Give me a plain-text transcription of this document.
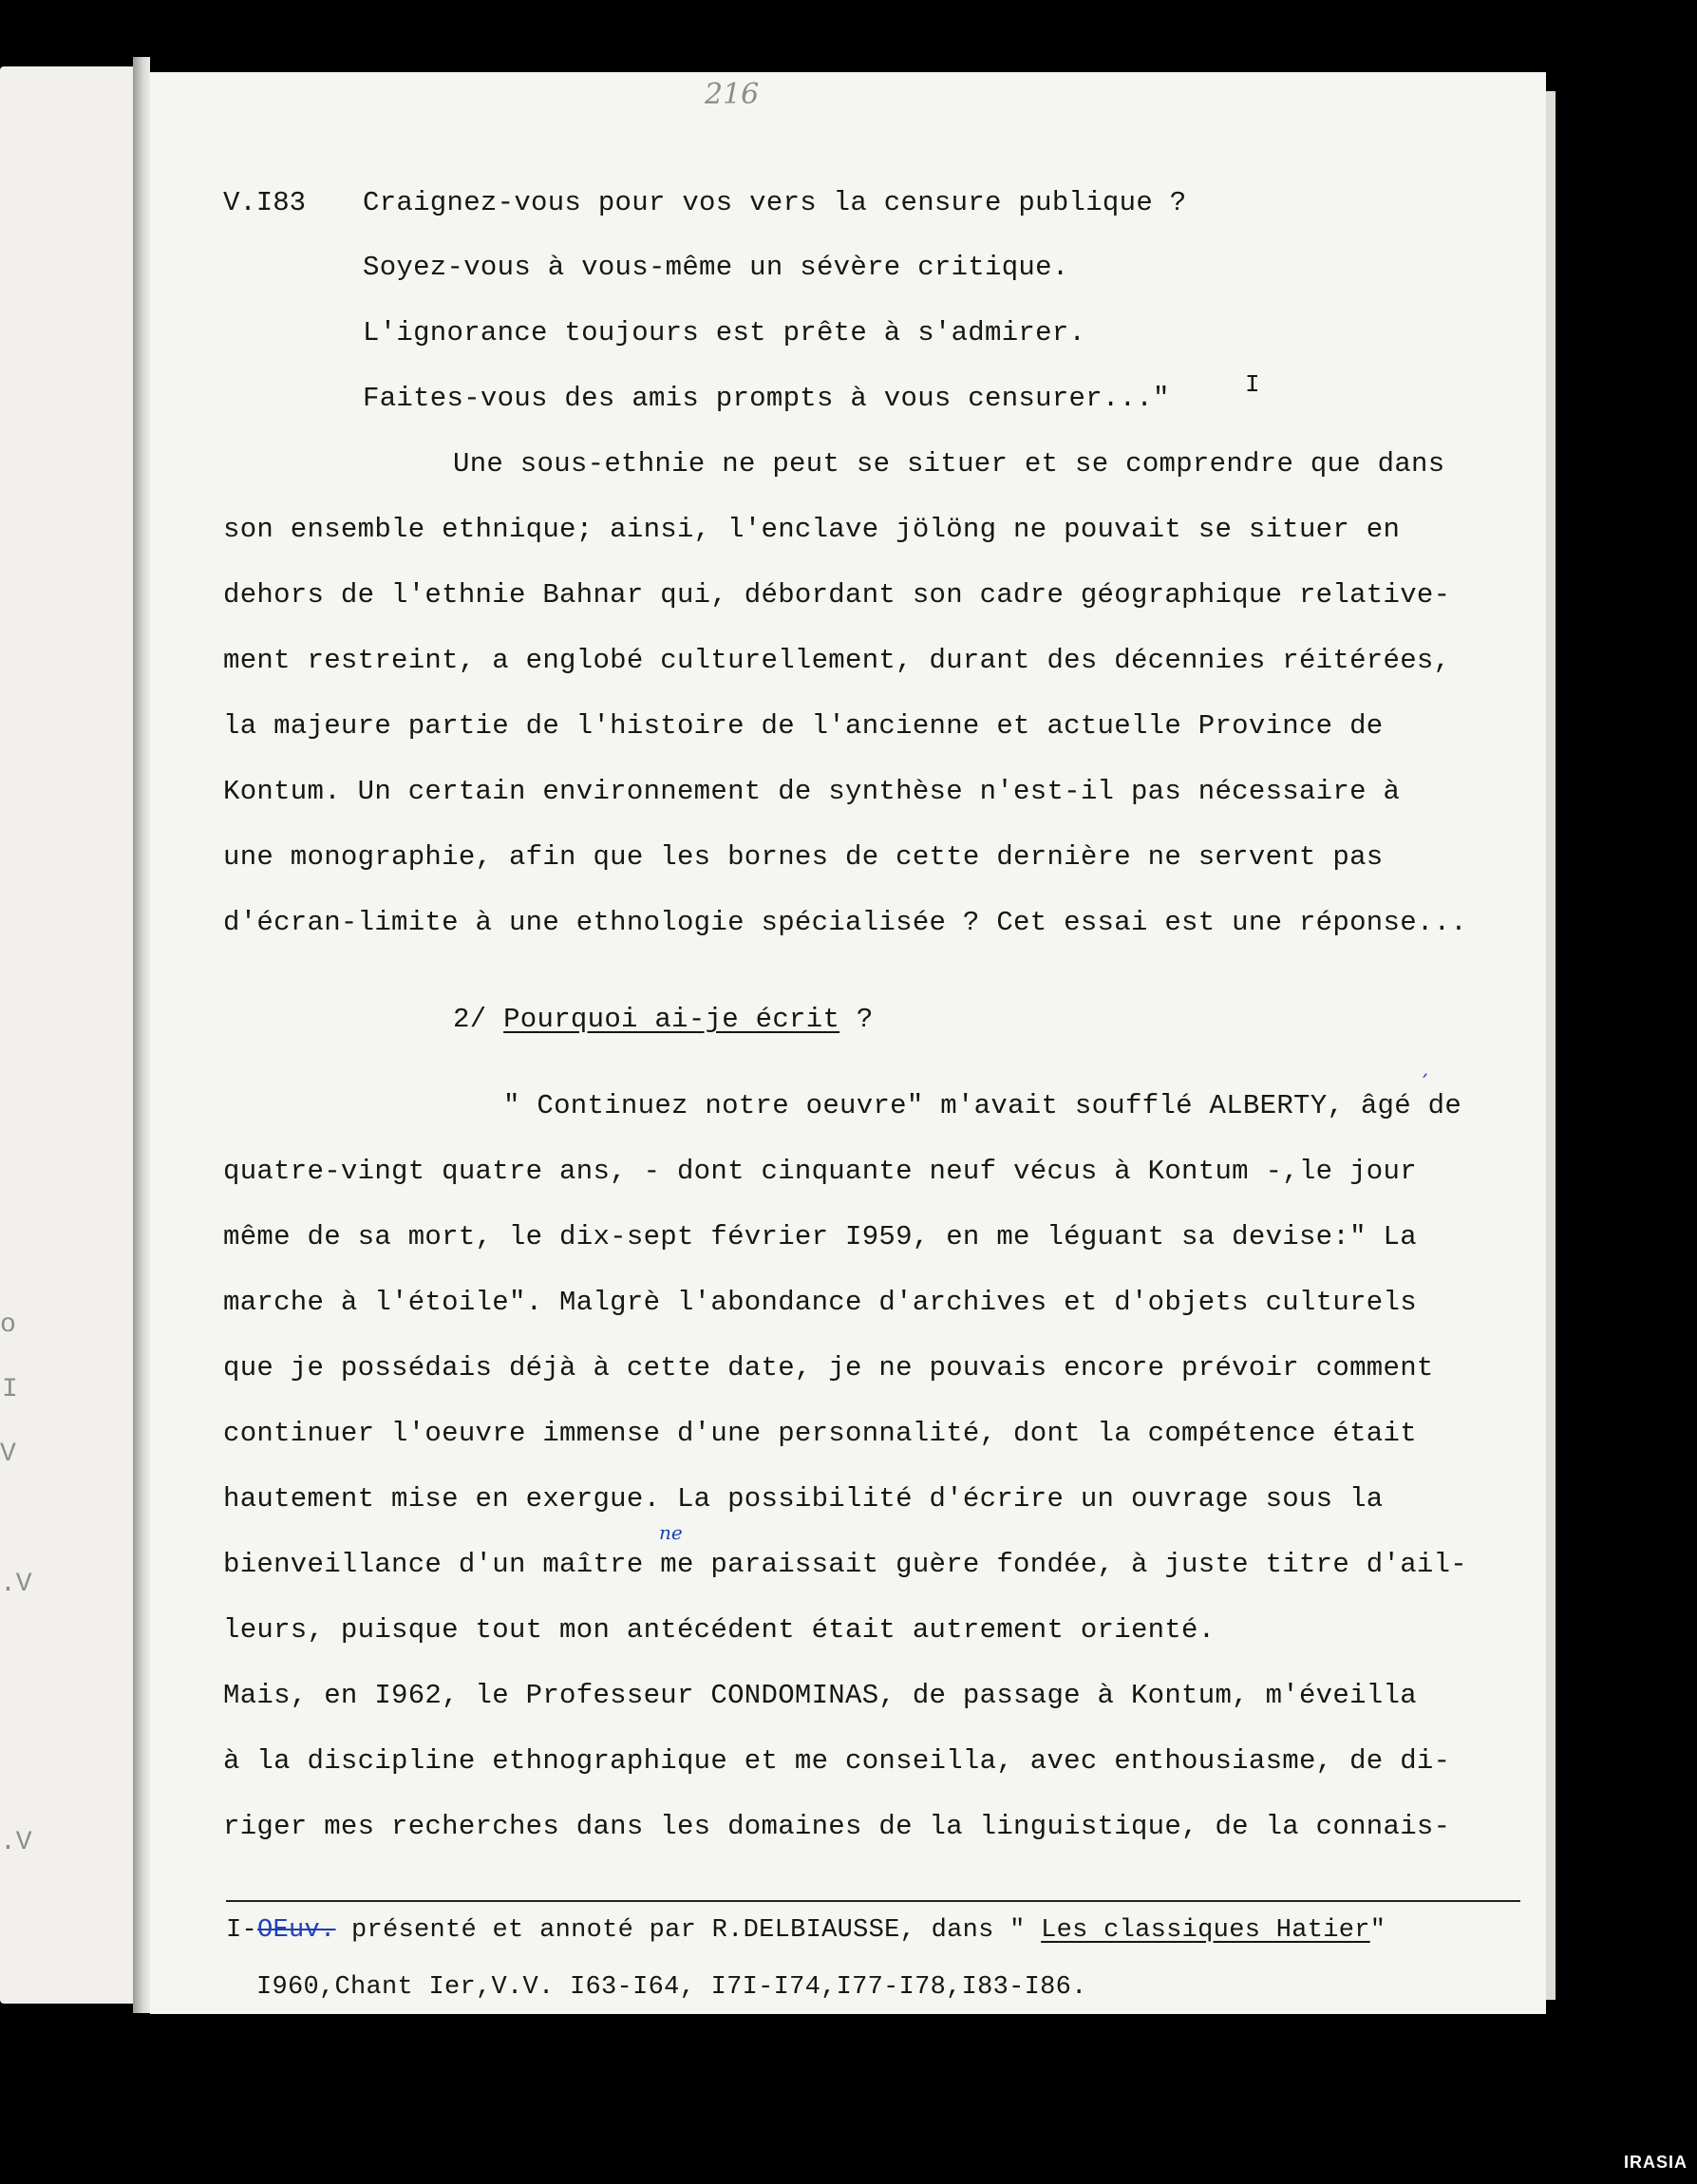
o
I
V
.V
.V
216
V.I83 Craignez-vous pour vos vers la censure publique ?
Soyez-vous à vous-même un sévère critique.
L'ignorance toujours est prête à s'admirer.
Faites-vous des amis prompts à vous censurer..."	I
Une sous-ethnie ne peut se situer et se comprendre que dans
son ensemble ethnique; ainsi, l'enclave jölöng ne pouvait se situer en
dehors de l'ethnie Bahnar qui, débordant son cadre géographique relative-
ment restreint, a englobé culturellement, durant des décennies réitérées,
la majeure partie de l'histoire de l'ancienne et actuelle Province de
Kontum. Un certain environnement de synthèse n'est-il pas nécessaire à
une monographie, afin que les bornes de cette dernière ne servent pas
d'écran-limite à une ethnologie spécialisée ? Cet essai est une réponse...
2/ Pourquoi ai-je écrit ?
" Continuez notre oeuvre" m'avait soufflé ALBERTY, âgé de
ˊ
quatre-vingt quatre ans, - dont cinquante neuf vécus à Kontum -,le jour
même de sa mort, le dix-sept février I959, en me léguant sa devise:" La
marche à l'étoile". Malgrè l'abondance d'archives et d'objets culturels
que je possédais déjà à cette date, je ne pouvais encore prévoir comment
continuer l'oeuvre immense d'une personnalité, dont la compétence était
hautement mise en exergue. La possibilité d'écrire un ouvrage sous la
ne
bienveillance d'un maître me paraissait guère fondée, à juste titre d'ail-
leurs, puisque tout mon antécédent était autrement orienté.
Mais, en I962, le Professeur CONDOMINAS, de passage à Kontum, m'éveilla
à la discipline ethnographique et me conseilla, avec enthousiasme, de di-
riger mes recherches dans les domaines de la linguistique, de la connais-
I-OEuv. présenté et annoté par R.DELBIAUSSE, dans " Les classiques Hatier"
I960,Chant Ier,V.V. I63-I64, I7I-I74,I77-I78,I83-I86.
IRASIA
